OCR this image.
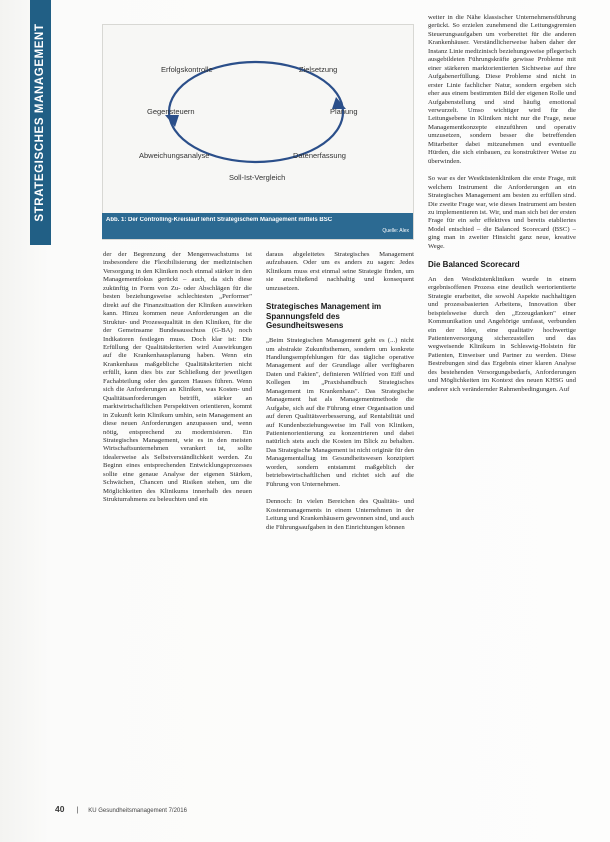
STRATEGISCHES MANAGEMENT	Erfolgskontrolle	Zielsetzung
Gegensteuern	Planung
Abweichungsanalyse	Datenerfassung
Soll-Ist-Vergleich
Abb. 1: Der Controlling-Kreislauf lehnt Strategischem Management mittels BSC
Quelle: Alex

der der Begrenzung der Mengenwachstums ist insbesondere die Flexibilisierung der medizinischen Versorgung in den Kliniken noch einmal stärker in den Managementfokus gerückt – auch, da sich diese zukünftig in Form von Zu- oder Abschlägen für die besten beziehungsweise schlechtesten „Performer" direkt auf die Finanzsituation der Kliniken auswirken kann. Hinzu kommen neue Anforderungen an die Struktur- und Prozessqualität in den Kliniken, für die der Gemeinsame Bundesausschuss (G-BA) noch Indikatoren festlegen muss. Doch klar ist: Die Erfüllung der Qualitätskriterien wird Auswirkungen auf die Krankenhausplanung haben. Wenn ein Krankenhaus maßgebliche Qualitätskriterien nicht erfüllt, kann dies bis zur Schließung der jeweiligen Fachabteilung oder des ganzen Hauses führen. Wenn sich die Anforderungen an Kliniken, was Kosten- und Qualitätsanforderungen betrifft, stärker an marktwirtschaftlichen Perspektiven orientieren, kommt in Zukunft kein Klinikum umhin, sein Management an diese neuen Anforderungen anzupassen und, wenn nötig, entsprechend zu modernisieren. Ein Strategisches Management, wie es in den meisten Wirtschaftsunternehmen verankert ist, sollte idealerweise als Selbstverständlichkeit werden. Zu Beginn eines entsprechenden Entwicklungsprozesses sollte eine genaue Analyse der eigenen Stärken, Schwächen, Chancen und Risiken stehen, um die Möglichkeiten des Klinikums innerhalb des neuen Strukturrahmens zu beleuchten und ein

daraus abgeleitetes Strategisches Management aufzubauen. Oder um es anders zu sagen: Jedes Klinikum muss erst einmal seine Strategie finden, um sie anschließend nachhaltig und konsequent umzusetzen.

Strategisches Management im Spannungsfeld des Gesundheitswesens

„Beim Strategischen Management geht es (...) nicht um abstrakte Zukunftsthemen, sondern um konkrete Handlungsempfehlungen für das tägliche operative Management auf der Grundlage aller verfügbaren Daten und Fakten", definieren Wilfried von Eiff und Kollegen im „Praxishandbuch Strategisches Management im Krankenhaus". Das Strategische Management hat als Managementmethode die Aufgabe, sich auf die Führung einer Organisation und auf deren Qualitätsverbesserung, auf Rentabilität und auf Kundenbeziehungsweise im Fall von Kliniken, Patientenorientierung zu konzentrieren und dabei natürlich stets auch die Kosten im Blick zu behalten. Das Strategische Management ist nicht originär für den Managementalltag im Gesundheitswesen konzipiert worden, sondern entstammt maßgeblich der betriebswirtschaftlichen und richtet sich auf die Führung von Unternehmen.

Dennoch: In vielen Bereichen des Qualitäts- und Kostenmanagements in einem Unternehmen in der Leitung und Krankenhäusern gewonnen sind, und auch die Führungsaufgaben in den Einrichtungen können

weiter in die Nähe klassischer Unternehmensführung gerückt. So erzielen zunehmend die Leitungsgremien Steuerungsaufgaben um vorbereitet für die anderen Krankenhäuser. Verständlicherweise haben daher der Instanz Linie medizinisch beziehungsweise pflegerisch ausgebildeten Führungskräfte gewisse Probleme mit einer stärkeren marktorientierten Sichtweise auf ihre Aufgabenerfüllung. Diese Probleme sind nicht in erster Linie fachlicher Natur, sondern ergeben sich eher aus einem bestimmten Bild der eigenen Rolle und Aufgabenstellung und sind häufig emotional verwurzelt. Umso wichtiger wird für die Leitungsebene in Kliniken nicht nur die Frage, neue Managementkonzepte einzuführen und operativ umzusetzen, sondern besser die betreffenden Mitarbeiter dabei mitzunehmen und eventuelle Hürden, die sich einbauen, zu konstruktiver Weise zu überwinden.

So war es der Westküstenkliniken die erste Frage, mit welchem Instrument die Anforderungen an ein Strategisches Management am besten zu erfüllen sind. Die zweite Frage war, wie dieses Instrument am besten zu implementieren ist. Wir, und man sich bei der ersten Frage für ein sehr effektives und bereits etabliertes Model entschied – die Balanced Scorecard (BSC) – ging man in zweiter Hinsicht ganz neue, kreative Wege.

Die Balanced Scorecard

An den Westküstenkliniken wurde in einem ergebnisoffenen Prozess eine deutlich wertorientierte Strategie erarbeitet, die sowohl Aspekte nachhaltigen und prozessbasierten Arbeitens, Innovation über beispielsweise durch den „Erzeugdanken" einer Kommunikation und Angehörige umfasst, verbunden ein der Idee, eine qualitativ hochwertige Patientenversorgung sicherzustellen und das wegweisende Klinikum in Schleswig-Holstein für Patienten, Einweiser und Partner zu werden. Diese Bestrebungen sind das Ergebnis einer klaren Analyse des bestehenden Versorgungsbedarfs, Anforderungen und Möglichkeiten im Kontext des neuen KHSG und anderer sich verändernder Rahmenbedingungen. Auf

40 | KU Gesundheitsmanagement 7/2016
